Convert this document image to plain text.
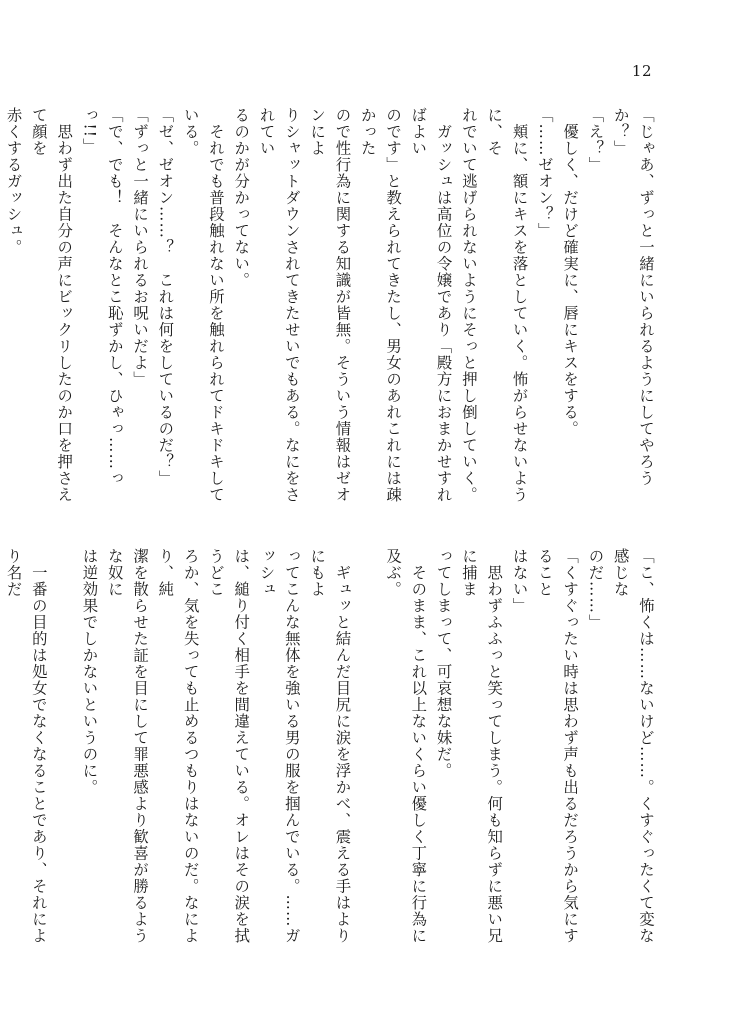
12
「じゃあ、ずっと一緒にいられるようにしてやろうか？」
「え？」
　優しく、だけど確実に、唇にキスをする。
「……ゼオン？」
　頬に、額にキスを落としていく。怖がらせないように、そ
れでいて逃げられないようにそっと押し倒していく。
　ガッシュは高位の令嬢であり「殿方におまかせすればよい
のです」と教えられてきたし、男女のあれこれには疎かった
ので性行為に関する知識が皆無。そういう情報はゼオンによ
りシャットダウンされてきたせいでもある。なにをされてい
るのかが分かってない。
　それでも普段触れない所を触れられてドキドキしている。
「ゼ、ゼオン……？　これは何をしているのだ？」
「ずっと一緒にいられるお呪いだよ」
「で、でも！　そんなとこ恥ずかし、ひゃっ……っっ!!」
　思わず出た自分の声にビックリしたのか口を押さえて顔を
赤くするガッシュ。
「こ、怖くは……ないけど……。くすぐったくて変な感じな
のだ……」
「くすぐったい時は思わず声も出るだろうから気にすること
はない」
　思わずふふっと笑ってしまう。何も知らずに悪い兄に捕ま
ってしまって、可哀想な妹だ。
　そのまま、これ以上ないくらい優しく丁寧に行為に及ぶ。

　ギュッと結んだ目尻に涙を浮かべ、震える手はよりにもよ
ってこんな無体を強いる男の服を掴んでいる。……ガッシュ
は、縋り付く相手を間違えている。オレはその涙を拭うどこ
ろか、気を失っても止めるつもりはないのだ。なにより、純
潔を散らせた証を目にして罪悪感より歓喜が勝るような奴に
は逆効果でしかないというのに。

　一番の目的は処女でなくなることであり、それにより名だ
